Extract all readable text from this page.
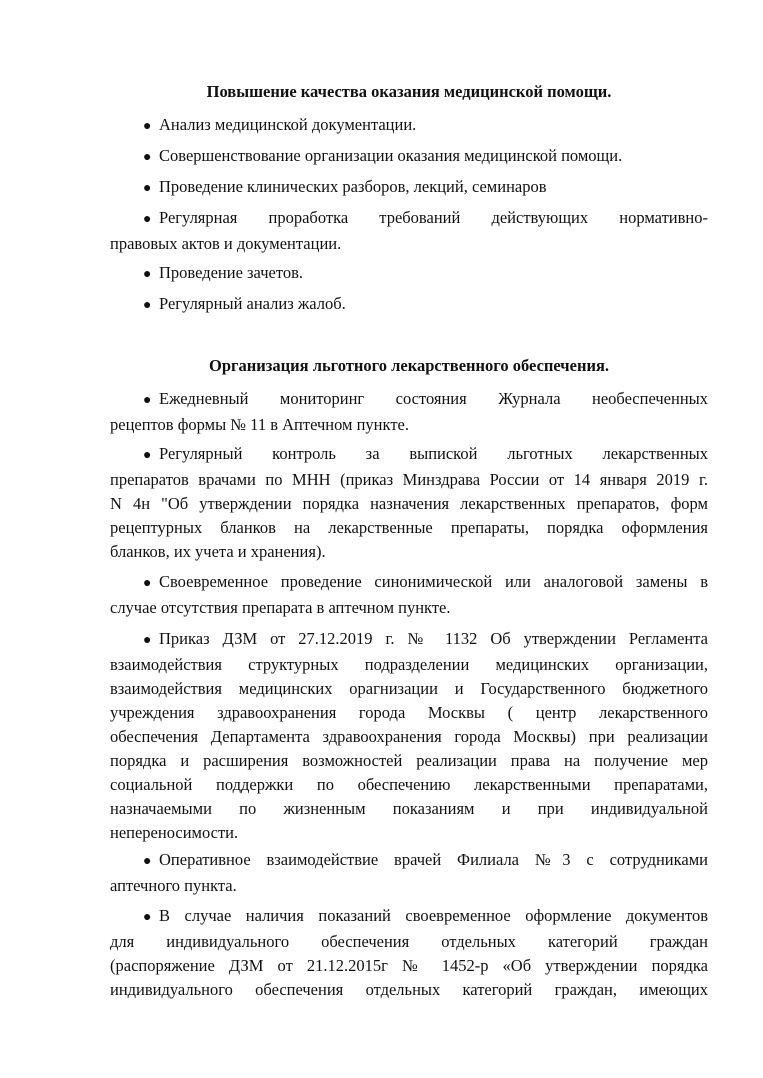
Повышение качества оказания медицинской помощи.
● Анализ медицинской документации.
● Совершенствование организации оказания медицинской помощи.
● Проведение клинических разборов, лекций, семинаров
● Регулярная проработка требований действующих нормативно-
правовых актов и документации.
● Проведение зачетов.
● Регулярный анализ жалоб.
Организация льготного лекарственного обеспечения.
● Ежедневный мониторинг состояния Журнала необеспеченных
рецептов формы № 11 в Аптечном пункте.
● Регулярный контроль за выпиской льготных лекарственных
препаратов врачами по МНН (приказ Минздрава России от 14 января 2019 г.
N 4н "Об утверждении порядка назначения лекарственных препаратов, форм
рецептурных бланков на лекарственные препараты, порядка оформления
бланков, их учета и хранения).
● Своевременное проведение синонимической или аналоговой замены в
случае отсутствия препарата в аптечном пункте.
● Приказ ДЗМ от 27.12.2019 г. № 1132 Об утверждении Регламента
взаимодействия структурных подразделении медицинских организации,
взаимодействия медицинских орагнизации и Государственного бюджетного
учреждения здравоохранения города Москвы ( центр лекарственного
обеспечения Департамента здравоохранения города Москвы) при реализации
порядка и расширения возможностей реализации права на получение мер
социальной поддержки по обеспечению лекарственными препаратами,
назначаемыми по жизненным показаниям и при индивидуальной
непереносимости.
● Оперативное взаимодействие врачей Филиала №3 с сотрудниками
аптечного пункта.
● В случае наличия показаний своевременное оформление документов
для индивидуального обеспечения отдельных категорий граждан
(распоряжение ДЗМ от 21.12.2015г № 1452-р «Об утверждении порядка
индивидуального обеспечения отдельных категорий граждан, имеющих
